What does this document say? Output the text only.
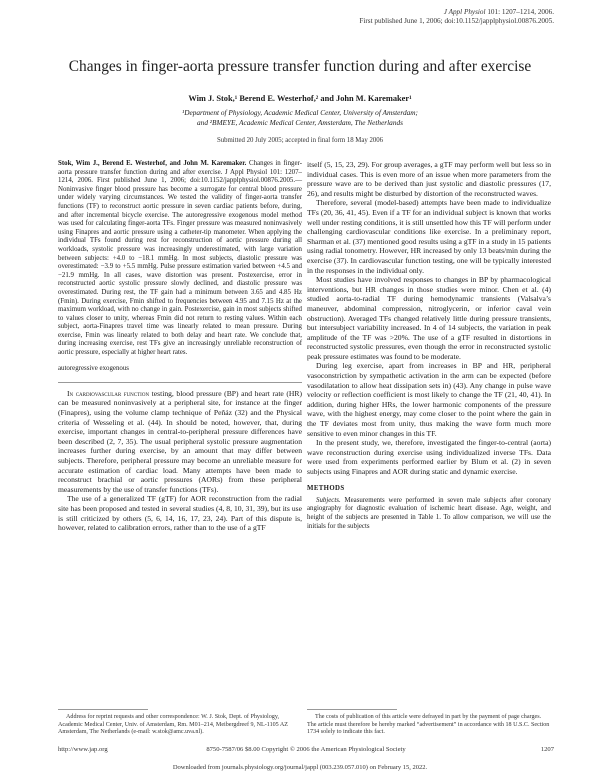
J Appl Physiol 101: 1207–1214, 2006.
First published June 1, 2006; doi:10.1152/japplphysiol.00876.2005.
Changes in finger-aorta pressure transfer function during and after exercise
Wim J. Stok,¹ Berend E. Westerhof,² and John M. Karemaker¹
¹Department of Physiology, Academic Medical Center, University of Amsterdam;
and ²BMEYE, Academic Medical Center, Amsterdam, The Netherlands
Submitted 20 July 2005; accepted in final form 18 May 2006

Stok, Wim J., Berend E. Westerhof, and John M. Karemaker. Changes in finger-aorta pressure transfer function during and after exercise. J Appl Physiol 101: 1207–1214, 2006. First published June 1, 2006; doi:10.1152/japplphysiol.00876.2005.—Noninvasive finger blood pressure has become a surrogate for central blood pressure under widely varying circumstances. We tested the validity of finger-aorta transfer functions (TF) to reconstruct aortic pressure in seven cardiac patients before, during, and after incremental bicycle exercise. The autoregressive exogenous model method was used for calculating finger-aorta TFs. Finger pressure was measured noninvasively using Finapres and aortic pressure using a catheter-tip manometer. When applying the individual TFs found during rest for reconstruction of aortic pressure during all workloads, systolic pressure was increasingly underestimated, with large variation between subjects: +4.0 to −18.1 mmHg. In most subjects, diastolic pressure was overestimated: −3.9 to +5.5 mmHg. Pulse pressure estimation varied between +4.5 and −21.9 mmHg. In all cases, wave distortion was present. Postexercise, error in reconstructed aortic systolic pressure slowly declined, and diastolic pressure was overestimated. During rest, the TF gain had a minimum between 3.65 and 4.85 Hz (Fmin). During exercise, Fmin shifted to frequencies between 4.95 and 7.15 Hz at the maximum workload, with no change in gain. Postexercise, gain in most subjects shifted to values closer to unity, whereas Fmin did not return to resting values. Within each subject, aorta-Finapres travel time was linearly related to mean pressure. During exercise, Fmin was linearly related to both delay and heart rate. We conclude that, during increasing exercise, rest TFs give an increasingly unreliable reconstruction of aortic pressure, especially at higher heart rates.

autoregressive exogenous

In cardiovascular function testing, blood pressure (BP) and heart rate (HR) can be measured noninvasively at a peripheral site, for instance at the finger (Finapres), using the volume clamp technique of Peñáz (32) and the Physical criteria of Wesseling et al. (44). In should be noted, however, that, during exercise, important changes in central-to-peripheral pressure differences have been described (2, 7, 35). The usual peripheral systolic pressure augmentation increases further during exercise, by an amount that may differ between subjects. Therefore, peripheral pressure may become an unreliable measure for accurate estimation of cardiac load. Many attempts have been made to reconstruct brachial or aortic pressures (AORs) from these peripheral measurements by the use of transfer functions (TFs).

The use of a generalized TF (gTF) for AOR reconstruction from the radial site has been proposed and tested in several studies (4, 8, 10, 31, 39), but its use is still criticized by others (5, 6, 14, 16, 17, 23, 24). Part of this dispute is, however, related to calibration errors, rather than to the use of a gTF

itself (5, 15, 23, 29). For group averages, a gTF may perform well but less so in individual cases. This is even more of an issue when more parameters from the pressure wave are to be derived than just systolic and diastolic pressures (17, 26), and results might be disturbed by distortion of the reconstructed waves.

Therefore, several (model-based) attempts have been made to individualize TFs (20, 36, 41, 45). Even if a TF for an individual subject is known that works well under resting conditions, it is still unsettled how this TF will perform under challenging cardiovascular conditions like exercise. In a preliminary report, Sharman et al. (37) mentioned good results using a gTF in a study in 15 patients using radial tonometry. However, HR increased by only 13 beats/min during the exercise (37). In cardiovascular function testing, one will be typically interested in the responses in the individual only.

Most studies have involved responses to changes in BP by pharmacological interventions, but HR changes in those studies were minor. Chen et al. (4) studied aorta-to-radial TF during hemodynamic transients (Valsalva’s maneuver, abdominal compression, nitroglycerin, or inferior caval vein obstruction). Averaged TFs changed relatively little during pressure transients, but intersubject variability increased. In 4 of 14 subjects, the variation in peak amplitude of the TF was >20%. The use of a gTF resulted in distortions in reconstructed systolic pressures, even though the error in reconstructed systolic peak pressure estimates was found to be moderate.

During leg exercise, apart from increases in BP and HR, peripheral vasoconstriction by sympathetic activation in the arm can be expected (before vasodilatation to allow heat dissipation sets in) (43). Any change in pulse wave velocity or reflection coefficient is most likely to change the TF (21, 40, 41). In addition, during higher HRs, the lower harmonic components of the pressure wave, with the highest energy, may come closer to the point where the gain in the TF deviates most from unity, thus making the wave form much more sensitive to even minor changes in this TF.

In the present study, we, therefore, investigated the finger-to-central (aorta) wave reconstruction during exercise using individualized inverse TFs. Data were used from experiments performed earlier by Blum et al. (2) in seven subjects using Finapres and AOR during static and dynamic exercise.

METHODS

Subjects. Measurements were performed in seven male subjects after coronary angiography for diagnostic evaluation of ischemic heart disease. Age, weight, and height of the subjects are presented in Table 1. To allow comparison, we will use the initials for the subjects

Address for reprint requests and other correspondence: W. J. Stok, Dept. of Physiology, Academic Medical Center, Univ. of Amsterdam, Rm. M01–214, Meibergdreef 9, NL-1105 AZ Amsterdam, The Netherlands (e-mail: w.stok@amc.uva.nl).
The costs of publication of this article were defrayed in part by the payment of page charges. The article must therefore be hereby marked “advertisement” in accordance with 18 U.S.C. Section 1734 solely to indicate this fact.
http://www.jap.org	8750-7587/06 $8.00 Copyright © 2006 the American Physiological Society	1207
Downloaded from journals.physiology.org/journal/jappl (003.239.057.010) on February 15, 2022.
